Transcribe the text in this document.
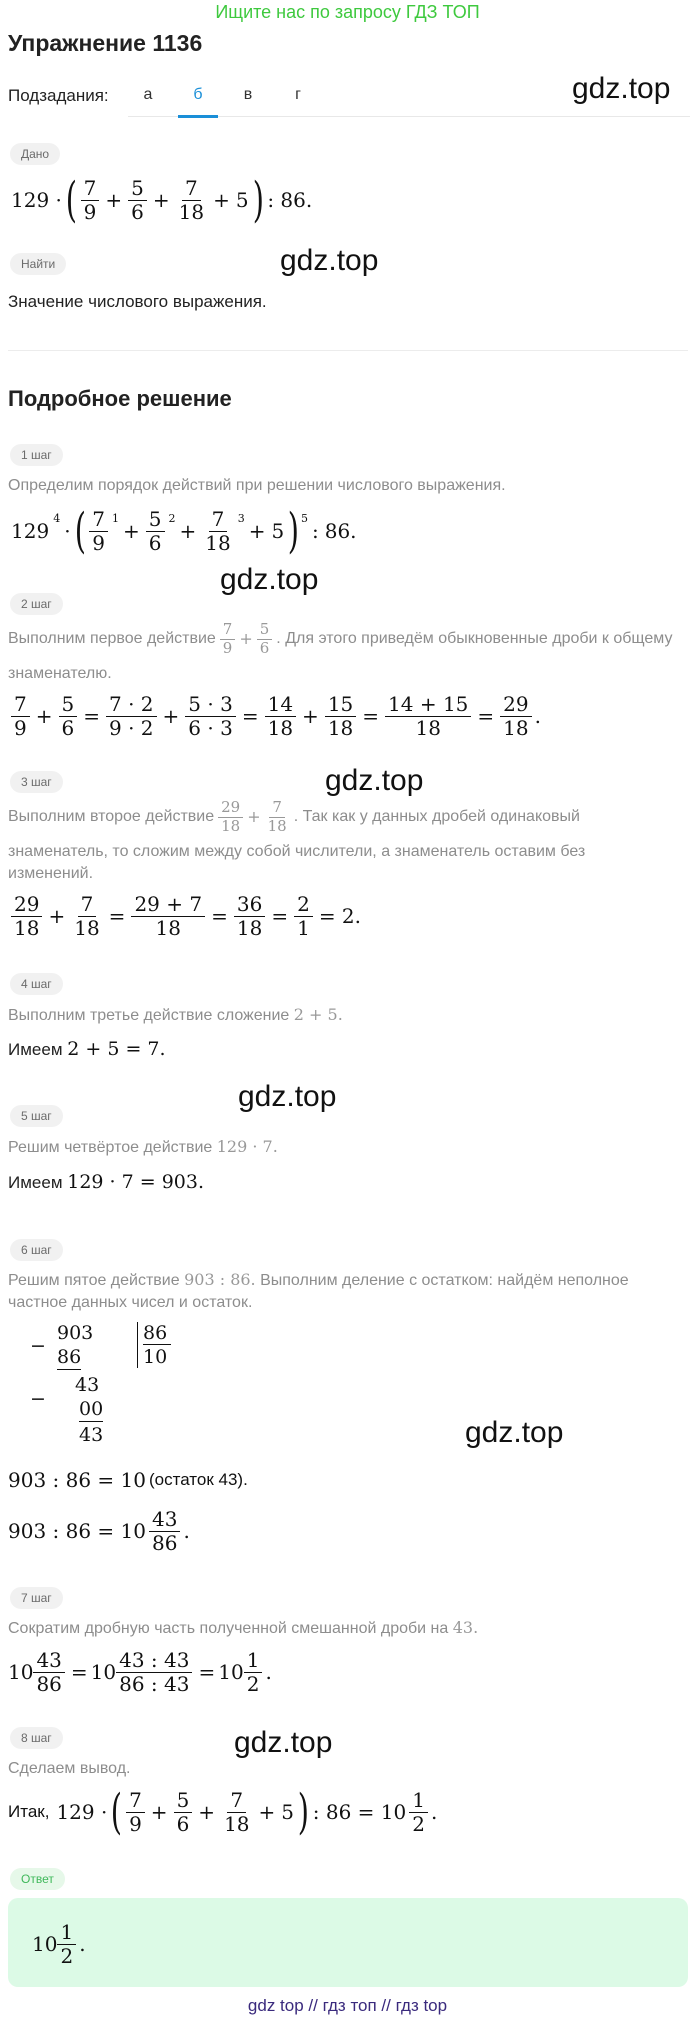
Ищите нас по запросу ГДЗ ТОП
Упражнение 1136
Подзадания:	а	б	в	г	gdz.top
gdz.top
gdz.top
gdz.top
gdz.top
gdz.top
gdz.top
Дано
129 · ( $\frac{7}{9} + \frac{5}{6} + \frac{7}{18} + 5$ ) : 86.
Найти
Значение числового выражения.
Подробное решение
1 шаг
Определим порядок действий при решении числового выражения.
129
4
· ( $\frac{7}{9} 1$
+ $\frac{5}{6} 2$
+ $\frac{7}{18} 3$
+ 5 ) 5
: 86.
2 шаг
Выполним первое действие $\frac{7}{9} + \frac{5}{6}$ . Для этого приведём обыкновенные дроби к общему
знаменателю.
$\frac{7}{9} + \frac{5}{6} = \frac{7 \cdot 2}{9 \cdot 2} + \frac{5 \cdot 3}{6 \cdot 3} = \frac{14}{18} + \frac{15}{18} = \frac{14 + 15}{18} = \frac{29}{18}$ .
3 шаг
Выполним второе действие $\frac{29}{18} + \frac{7}{18}$ . Так как у данных дробей одинаковый
знаменатель, то сложим между собой числители, а знаменатель оставим без
изменений.
$\frac{29}{18} + \frac{7}{18} = \frac{29 + 7}{18} = \frac{36}{18} = \frac{2}{1} = 2$.
4 шаг
Выполним третье действие сложение 2 + 5.
Имеем 2 + 5 = 7.
5 шаг
Решим четвёртое действие 129 · 7.
Имеем 129 · 7 = 903.
6 шаг
Решим пятое действие 903 : 86. Выполним деление с остатком: найдём неполное
частное данных чисел и остаток.
−
903
86
86
10
−
43
00
43
903 : 86 = 10 (остаток 43).
903 : $86 = 10 \frac{43}{86}$ .
7 шаг
Сократим дробную часть полученной смешанной дроби на 43.
$10 \frac{43}{86} = 10 \frac{43 : 43}{86 : 43} = 10 \frac{1}{2}$ .
8 шаг
Сделаем вывод.
Итак, 129 · ( $\frac{7}{9} + \frac{5}{6} + \frac{7}{18} + 5$ ) : $86 = 10 \frac{1}{2}$ .
Ответ
$10 \frac{1}{2}$ .
gdz top // гдз топ // гдз top
